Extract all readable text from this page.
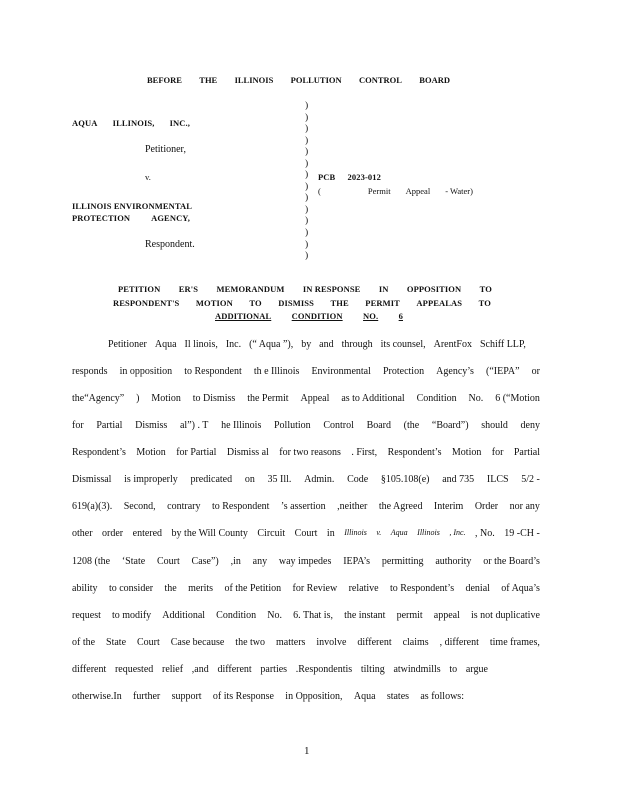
BEFORE THE ILLINOIS POLLUTION CONTROL BOARD
AQUA ILLINOIS, INC.,
Petitioner,
v.
ILLINOIS ENVIRONMENTAL
PROTECTION AGENCY,
Respondent.
)
)
)
)
)
)
)
)
)
)
)
)
)
)
PCB 2023-012
(	Permit Appeal - Water)
PETITION ER'S MEMORANDUM IN RESPONSE IN OPPOSITION TO
RESPONDENT'S MOTION TO DISMISS THE PERMIT APPEALAS TO
ADDITIONAL CONDITION NO. 6
Petitioner Aqua Il linois, Inc. (“ Aqua ”), by and through its counsel, ArentFox Schiff LLP,
responds in opposition to Respondent th e Illinois Environmental Protection Agency’s (“IEPA” or
the“Agency” ) Motion to Dismiss the Permit Appeal as to Additional Condition No. 6 (“Motion
for Partial Dismiss al”) . T he Illinois Pollution Control Board (the “Board”) should deny
Respondent’s Motion for Partial Dismiss al for two reasons . First, Respondent’s Motion for Partial
Dismissal is improperly predicated on 35 Ill. Admin. Code §105.108(e) and 735 ILCS 5/2 -
619(a)(3). Second, contrary to Respondent ’s assertion ,neither the Agreed Interim Order nor any
other order entered by the Will County Circuit Court in Illinois v. Aqua Illinois , Inc. , No. 19 -CH -
1208 (the ‘State Court Case”) ,in any way impedes IEPA’s permitting authority or the Board’s
ability to consider the merits of the Petition for Review relative to Respondent’s denial of Aqua’s
request to modify Additional Condition No. 6. That is, the instant permit appeal is not duplicative
of the State Court Case because the two matters involve different claims , different time frames,
different requested relief ,and different parties .Respondentis tilting atwindmills to argue
otherwise.In further support of its Response in Opposition, Aqua states as follows:
1
